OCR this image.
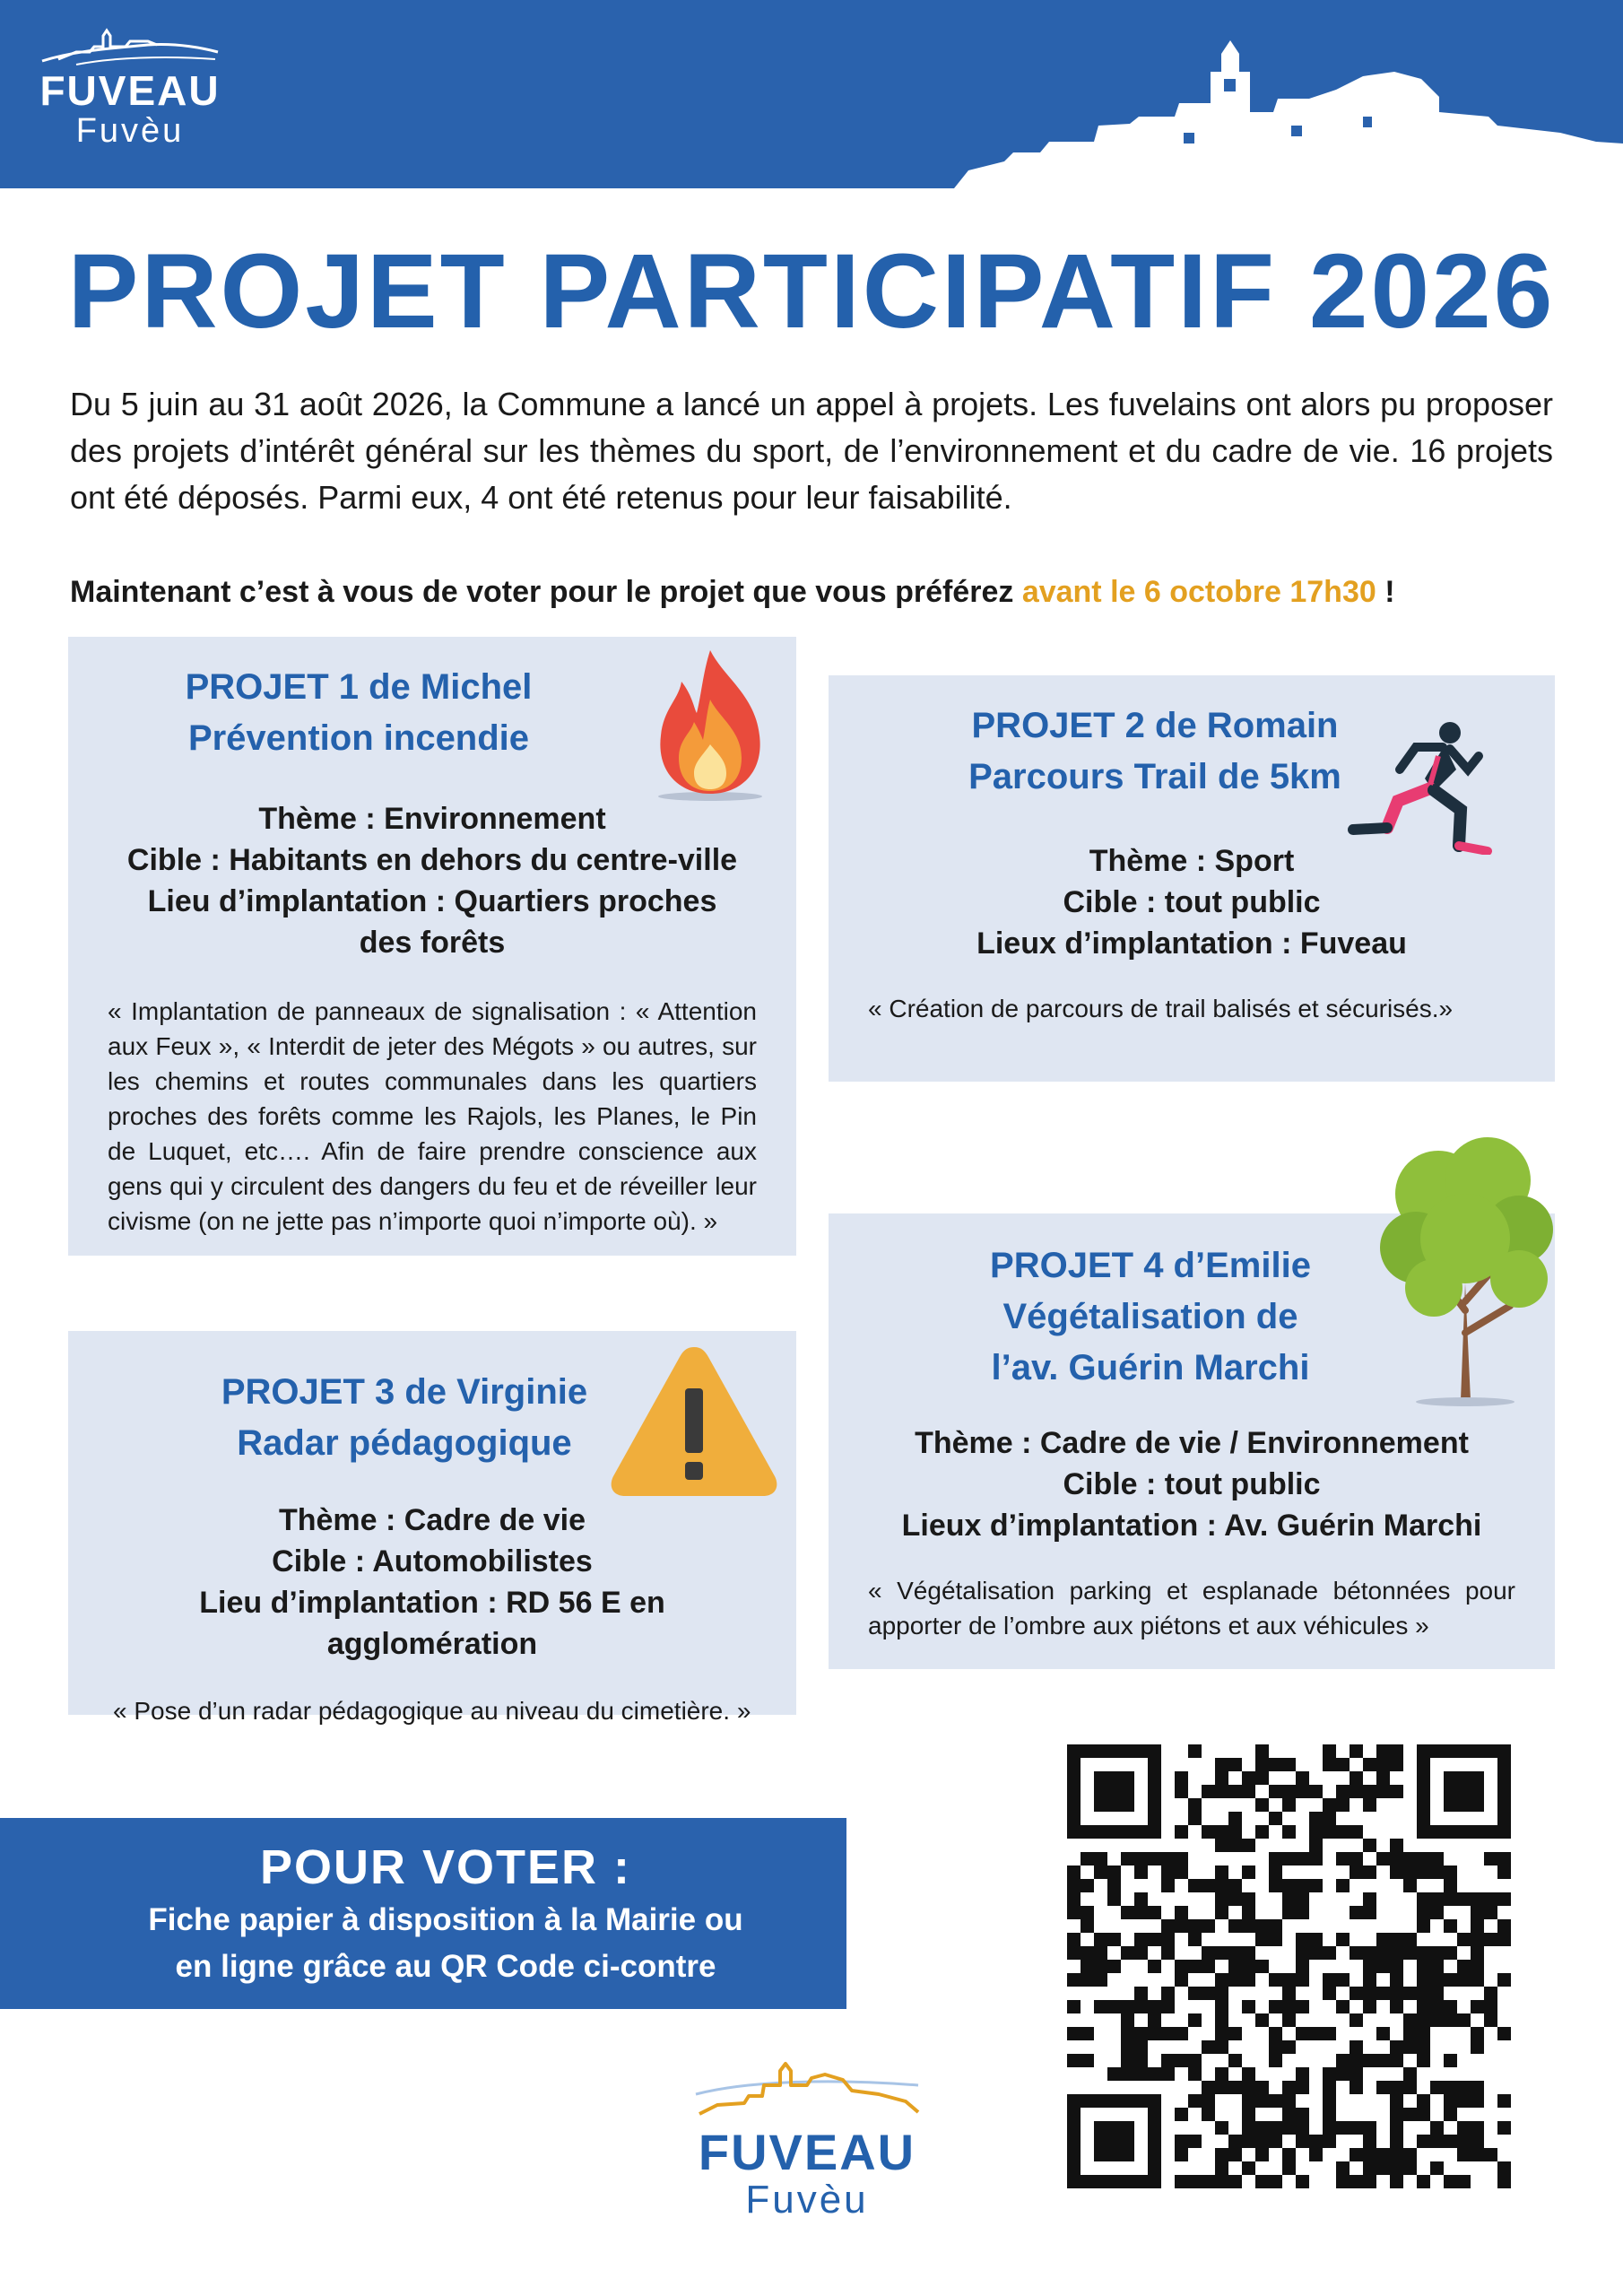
FUVEAU
Fuvèu
PROJET PARTICIPATIF 2026

Du 5 juin au 31 août 2026, la Commune a lancé un appel à projets. Les fuvelains ont alors pu proposer des projets d’intérêt général sur les thèmes du sport, de l’environnement et du cadre de vie. 16 projets ont été déposés. Parmi eux, 4 ont été retenus pour leur faisabilité.

Maintenant c’est à vous de voter pour le projet que vous préférez avant le 6 octobre 17h30 !

PROJET 1 de Michel
Prévention incendie

Thème : Environnement

Cible : Habitants en dehors du centre-ville

Lieu d’implantation : Quartiers proches des forêts

« Implantation de panneaux de signalisation : « Attention aux Feux », « Interdit de jeter des Mégots » ou autres, sur les chemins et routes communales dans les quartiers proches des forêts comme les Rajols, les Planes, le Pin de Luquet, etc…. Afin de faire prendre conscience aux gens qui y circulent des dangers du feu et de réveiller leur civisme (on ne jette pas n’importe quoi n’importe où). »

PROJET 2 de Romain
Parcours Trail de 5km

Thème : Sport

Cible : tout public

Lieux d’implantation : Fuveau

« Création de parcours de trail balisés et sécurisés.»

PROJET 3 de Virginie
Radar pédagogique

Thème : Cadre de vie

Cible : Automobilistes

Lieu d’implantation : RD 56 E en agglomération

« Pose d’un radar pédagogique au niveau du cimetière. »

PROJET 4 d’Emilie
Végétalisation de
l’av. Guérin Marchi

Thème : Cadre de vie / Environnement

Cible : tout public

Lieux d’implantation : Av. Guérin Marchi

« Végétalisation parking et esplanade bétonnées pour apporter de l’ombre aux piétons et aux véhicules »

POUR VOTER :
Fiche papier à disposition à la Mairie ou
en ligne grâce au QR Code ci-contre
FUVEAU
Fuvèu
